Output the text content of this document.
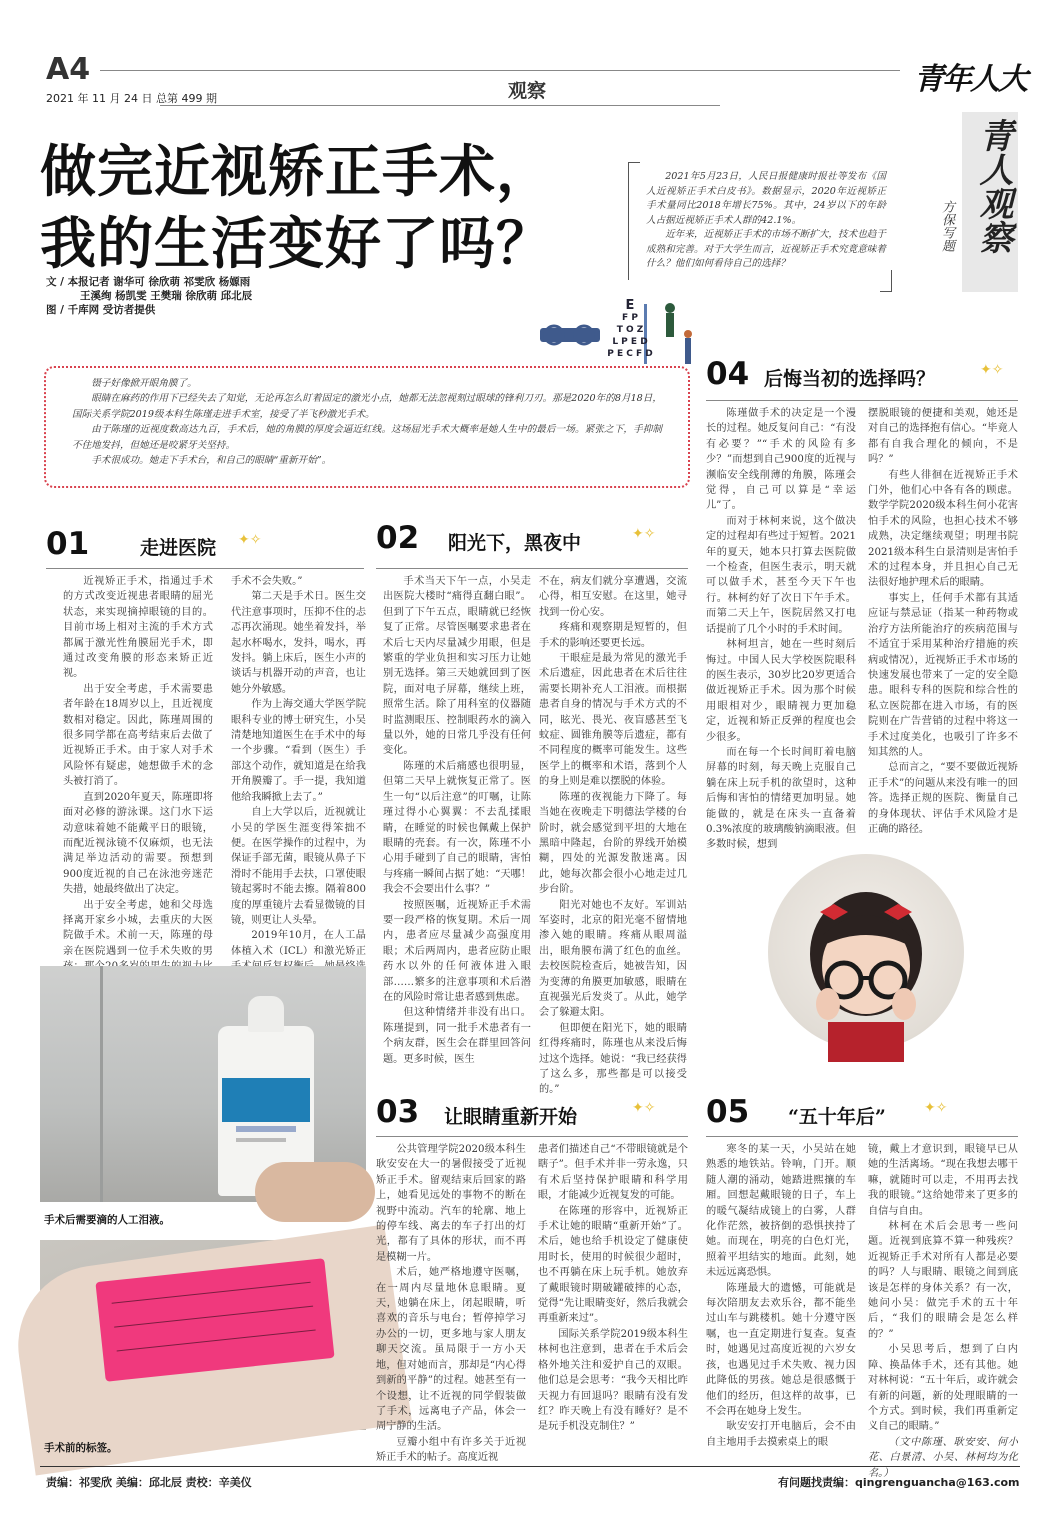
A4
2021 年 11 月 24 日 总第 499 期	观察	青年人大
青人观察
方保写题
做完近视矫正手术，
我的生活变好了吗？

2021年5月23日，人民日报健康时报社等发布《国人近视矫正手术白皮书》。数据显示，2020年近视矫正手术量同比2018年增长75%。其中，24岁以下的年龄人占据近视矫正手术人群的42.1%。

近年来，近视矫正手术的市场不断扩大，技术也趋于成熟和完善。对于大学生而言，近视矫正手术究竟意味着什么？他们如何看待自己的选择？

文 / 本报记者 谢华可 徐欣萌 祁雯欣 杨嫄雨
王溪绚 杨凯雯 王樊瑞 徐欣萌 邱北辰
图 / 千库网 受访者提供	E
F P
T O Z
L P E D
P E C F D

镊子好像掀开眼角膜了。

眼睛在麻药的作用下已经失去了知觉，无论再怎么盯着固定的激光小点，她都无法忽视刻过眼球的锋利刀刃。那是2020年的8月18日，国际关系学院2019级本科生陈瑾走进手术室，接受了半飞秒激光手术。

由于陈瑾的近视度数高达九百，手术后，她的角膜的厚度会逼近红线。这场屈光手术大概率是她人生中的最后一场。紧张之下，手抑制不住地发抖，但她还是咬紧牙关坚持。

手术很成功。她走下手术台，和自己的眼睛“重新开始”。

01	走进医院 ✦✧

近视矫正手术，指通过手术的方式改变近视患者眼睛的屈光状态，来实现摘掉眼镜的目的。目前市场上相对主流的手术方式都属于激光性角膜屈光手术，即通过改变角膜的形态来矫正近视。

出于安全考虑，手术需要患者年龄在18周岁以上，且近视度数相对稳定。因此，陈瑾周围的很多同学都在高考结束后去做了近视矫正手术。由于家人对手术风险怀有疑虑，她想做手术的念头被打消了。

直到2020年夏天，陈瑾即将面对必修的游泳课。这门水下运动意味着她不能戴平日的眼镜，而配近视泳镜不仅麻烦，也无法满足举边活动的需要。预想到900度近视的自己在泳池旁迷茫失措，她最终做出了决定。

出于安全考虑，她和父母选择离开家乡小城，去重庆的大医院做手术。术前一天，陈瑾的母亲在医院遇到一位手术失败的男

手术不会失败。”

第二天是手术日。医生交代注意事项时，压抑不住的忐忑再次涌现。她坐着发抖，举起水杯喝水，发抖，喝水，再发抖。躺上床后，医生小声的谈话与机器开动的声音，也让她分外敏感。

作为上海交通大学医学院眼科专业的博士研究生，小吴清楚地知道医生在手术中的每一个步骤。“看到（医生）手部这个动作，就知道是在给我开角膜瓣了。手一提，我知道他给我瞬掀上去了。”

自上大学以后，近视就让小吴的学医生涯变得笨拙不便。在医学操作的过程中，为保证手部无菌，眼镜从鼻子下滑时不能用手去扶，口罩使眼镜起雾时不能去擦。隔着800度的厚重镜片去看显微镜的目镜，则更让人头晕。

2019年10月，在人工晶体植入术（ICL）和激光矫正

手术后需要滴的人工泪液。
手术前的标签。
02 阳光下，黑夜中	✦✧

手术当天下午一点，小吴走出医院大楼时“痛得直翻白眼”。但到了下午五点，眼睛就已经恢复了正常。尽管医嘱要求患者在术后七天内尽量减少用眼，但是繁重的学业负担和实习压力让她别无选择。第三天她就回到了医院，面对电子屏幕，继续上班，照常生活。除了用科室的仪器随时监测眼压、控制眼药水的滴入量以外，她的日常几乎没有任何变化。

陈瑾的术后痛感也很明显，但第二天早上就恢复正常了。医生一句“以后注意”的叮嘱，让陈瑾过得小心翼翼：不去乱揉眼睛，在睡觉的时候也佩戴上保护眼睛的壳套。有一次，陈瑾不小心用手碰到了自己的眼睛，害怕与疼痛一瞬间占据了她：“天哪！我会不会要出什么事？”

按照医嘱，近视矫正手术需要一段严格的恢复期。术后一周内，患者应尽量减少高强度用眼；术后两周内，患者应防止眼药水以外的任何液体进入眼部……繁多的注意事项和术后潜在的风险时常让患者感到焦虑。

但这种情绪并非没有出口。陈瑾提到，同一批手术患者有一个病友群，医生会在群里回答问题。更多时候，医生

不在，病友们就分享遭遇，交流心得，相互安慰。在这里，她寻找到一份心安。

疼痛和观察期是短暂的，但手术的影响还要更长远。

干眼症是最为常见的激光手术后遗症，因此患者在术后往往需要长期补充人工泪液。而根据患者自身的情况与手术方式的不同，眩光、畏光、夜盲感甚至飞蚊症、圆锥角膜等后遗症，都有不同程度的概率可能发生。这些医学上的概率和术语，落到个人的身上则是难以摆脱的体验。

陈瑾的夜视能力下降了。每当她在夜晚走下明德法学楼的台阶时，就会感觉到平坦的大地在黑暗中隆起，台阶的界线开始模糊，四处的光源发散迷离。因此，她每次都会很小心地走过几步台阶。

阳光对她也不友好。军训站军姿时，北京的阳光毫不留情地渗入她的眼睛。疼痛从眼周溢出，眼角膜布满了红色的血丝。去校医院检查后，她被告知，因为变薄的角膜更加敏感，眼睛在直视强光后发炎了。从此，她学会了躲避太阳。

但即便在阳光下，她的眼睛红得疼痛时，陈瑾也从来没后悔过这个选择。她说：“我已经获得了这么多，那些都是可以接受的。”

03 让眼睛重新开始	✦✧

公共管理学院2020级本科生耿安安在大一的暑假接受了近视矫正手术。留观结束后回家的路上，她看见远处的事物不的断在视野中流动。汽车的轮廓、地上的停车线、离去的车子打出的灯光，都有了具体的形状，而不再是模糊一片。

术后，她严格地遵守医嘱，在一周内尽量地休息眼睛。夏天，她躺在床上，闭起眼睛，听喜欢的音乐与电台；暂停掉学习办公的一切，更多地与家人朋友聊天交流。虽局限于一方小天地，但对她而言，那却是“内心得到新的平静”的过程。她甚至有一个设想，让不近视的同学假装做了手术，远离电子产品，体会一周宁静的生活。

豆瓣小组中有许多关于近视矫正手术的帖子。高度近视

患者们描述自己“不带眼镜就是个瞎子”。但手术并非一劳永逸，只有术后坚持保护眼睛和科学用眼，才能减少近视复发的可能。

在陈瑾的形容中，近视矫正手术让她的眼睛“重新开始”了。术后，她也给手机设定了健康使用时长，使用的时候很少超时，也不再躺在床上玩手机。她放弃了戴眼镜时期破罐破摔的心态，觉得“先让眼睛变好，然后我就会再重新来过”。

国际关系学院2019级本科生林柯也注意到，患者在手术后会格外地关注和爱护自己的双眼。他们总是会思考：“我今天相比昨天视力有回退吗？眼睛有没有发红？昨天晚上有没有睡好？是不是玩手机没克制住？”

04 后悔当初的选择吗？	✦✧

陈瑾做手术的决定是一个漫长的过程。她反复问自己：“有没有必要？”“手术的风险有多少？”而想到自己900度的近视与濒临安全线削薄的角膜，陈瑾会觉得，自己可以算是“幸运儿”了。

而对于林柯来说，这个做决定的过程却有些过于短暂。2021年的夏天，她本只打算去医院做一个检查，但医生表示，明天就可以做手术，甚至今天下午也行。林柯约好了次日下午手术。而第二天上午，医院居然又打电话提前了几个小时的手术时间。

林柯坦言，她在一些时刻后悔过。中国人民大学校医院眼科的医生表示，30岁比20岁更适合做近视矫正手术。因为那个时候用眼相对少，眼睛视力更加稳定，近视和矫正反弹的程度也会少很多。

而在每一个长时间盯着电脑屏幕的时刻，每天晚上克服自己躺在床上玩手机的欲望时，这种后悔和害怕的情绪更加明显。她能做的，就是在床头一直备着0.3%浓度的玻璃酸钠滴眼液。但多数时候，想到

摆脱眼镜的便捷和美观，她还是对自己的选择抱有信心。“毕竟人都有自我合理化的倾向，不是吗？”

有些人徘徊在近视矫正手术门外，他们心中各有各的顾虑。数学学院2020级本科生何小花害怕手术的风险，也担心技术不够成熟，决定继续观望；明理书院2021级本科生白景清则是害怕手术的过程本身，并且担心自己无法很好地护理术后的眼睛。

事实上，任何手术都有其适应证与禁忌证（指某一种药物或治疗方法所能治疗的疾病范围与不适宜于采用某种治疗措施的疾病或情况），近视矫正手术市场的快速发展也带来了一定的安全隐患。眼科专科的医院和综合性的私立医院都在进入市场，有的医院则在广告营销的过程中将这一手术过度美化，也吸引了许多不知其然的人。

总而言之，“要不要做近视矫正手术”的问题从来没有唯一的回答。选择正规的医院、衡量自己的身体现状、评估手术风险才是正确的路径。

05 “五十年后”	✦✧

寒冬的某一天，小吴站在她熟悉的地铁站。铃响，门开。顺随人潮的涌动，她踏进熙攘的车厢。回想起戴眼镜的日子，车上的暖气凝结成镜上的白雾，人群化作茫然，被挤倒的恐惧挟持了她。而现在，明亮的白色灯光，照着平坦结实的地面。此刻，她未远远离恐惧。

陈瑾最大的遗憾，可能就是每次陪朋友去欢乐谷，都不能坐过山车与跳楼机。她十分遵守医嘱，也一直定期进行复查。复查时，她遇见过高度近视的六岁女孩，也遇见过手术失败、视力因此降低的男孩。她总是很感慨于他们的经历，但这样的故事，已不会再在她身上发生。

耿安安打开电脑后，会不由自主地用手去摸索桌上的眼

镜，戴上才意识到，眼镜早已从她的生活离场。“现在我想去哪干嘛，就随时可以走，不用再去找我的眼镜。”这给她带来了更多的自信与自由。

林柯在术后会思考一些问题。近视到底算不算一种残疾？近视矫正手术对所有人都是必要的吗？人与眼睛、眼镜之间到底该是怎样的身体关系？有一次，她问小吴：做完手术的五十年后，“我们的眼睛会是怎么样的？”

小吴思考后，想到了白内障、换晶体手术，还有其他。她对林柯说：“五十年后，或许就会有新的问题，新的处理眼睛的一个方式。到时候，我们再重新定义自己的眼睛。”

（文中陈瑾、耿安安、何小花、白景清、小吴、林柯均为化名。）

责编：祁雯欣 美编：邱北辰 责校：辛美仪	有问题找责编：qingrenguancha@163.com
